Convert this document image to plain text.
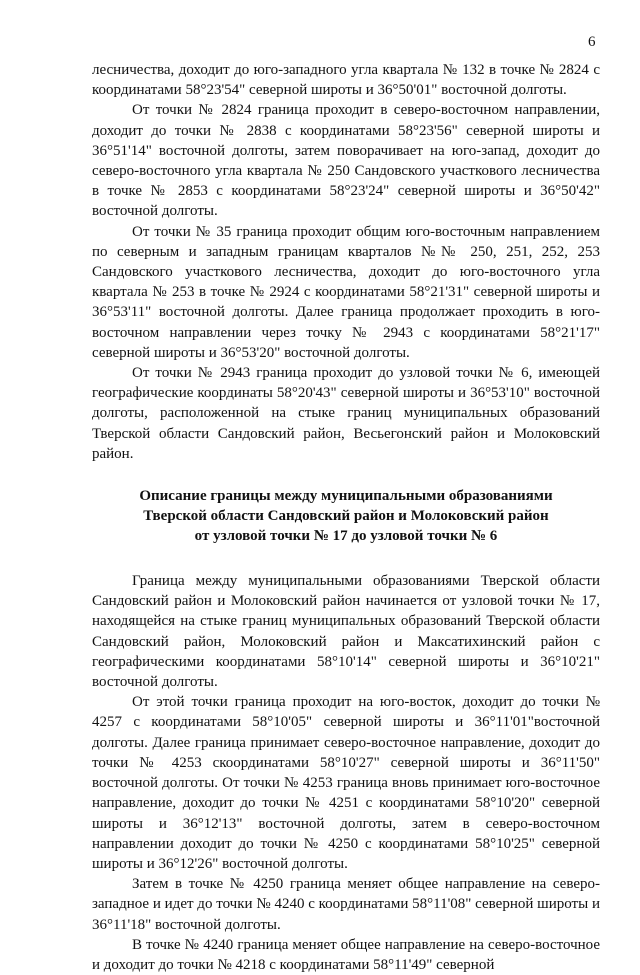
6

лесничества, доходит до юго-западного угла квартала № 132 в точке № 2824 с координатами 58°23'54" северной широты и 36°50'01" восточной долготы.

От точки № 2824 граница проходит в северо-восточном направлении, доходит до точки № 2838 с координатами 58°23'56" северной широты и 36°51'14" восточной долготы, затем поворачивает на юго-запад, доходит до северо-восточного угла квартала № 250 Сандовского участкового лесничества в точке № 2853 с координатами 58°23'24" северной широты и 36°50'42" восточной долготы.

От точки № 35 граница проходит общим юго-восточным направлением по северным и западным границам кварталов №№ 250, 251, 252, 253 Сандовского участкового лесничества, доходит до юго-восточного угла квартала № 253 в точке № 2924 с координатами 58°21'31" северной широты и 36°53'11" восточной долготы. Далее граница продолжает проходить в юго-восточном направлении через точку № 2943 с координатами 58°21'17" северной широты и 36°53'20" восточной долготы.

От точки № 2943 граница проходит до узловой точки № 6, имеющей географические координаты 58°20'43" северной широты и 36°53'10" восточной долготы, расположенной на стыке границ муниципальных образований Тверской области Сандовский район, Весьегонский район и Молоковский район.

Описание границы между муниципальными образованиями
Тверской области Сандовский район и Молоковский район
от узловой точки № 17 до узловой точки № 6

Граница между муниципальными образованиями Тверской области Сандовский район и Молоковский район начинается от узловой точки № 17, находящейся на стыке границ муниципальных образований Тверской области Сандовский район, Молоковский район и Максатихинский район с географическими координатами 58°10'14" северной широты и 36°10'21" восточной долготы.

От этой точки граница проходит на юго-восток, доходит до точки № 4257 с координатами 58°10'05" северной широты и 36°11'01"восточной долготы. Далее граница принимает северо-восточное направление, доходит до точки № 4253 скоординатами 58°10'27" северной широты и 36°11'50" восточной долготы. От точки № 4253 граница вновь принимает юго-восточное направление, доходит до точки № 4251 с координатами 58°10'20" северной широты и 36°12'13" восточной долготы, затем в северо-восточном направлении доходит до точки № 4250 с координатами 58°10'25" северной широты и 36°12'26" восточной долготы.

Затем в точке № 4250 граница меняет общее направление на северо-западное и идет до точки № 4240 с координатами 58°11'08" северной широты и 36°11'18" восточной долготы.

В точке № 4240 граница меняет общее направление на северо-восточное и доходит до точки № 4218 с координатами 58°11'49" северной
